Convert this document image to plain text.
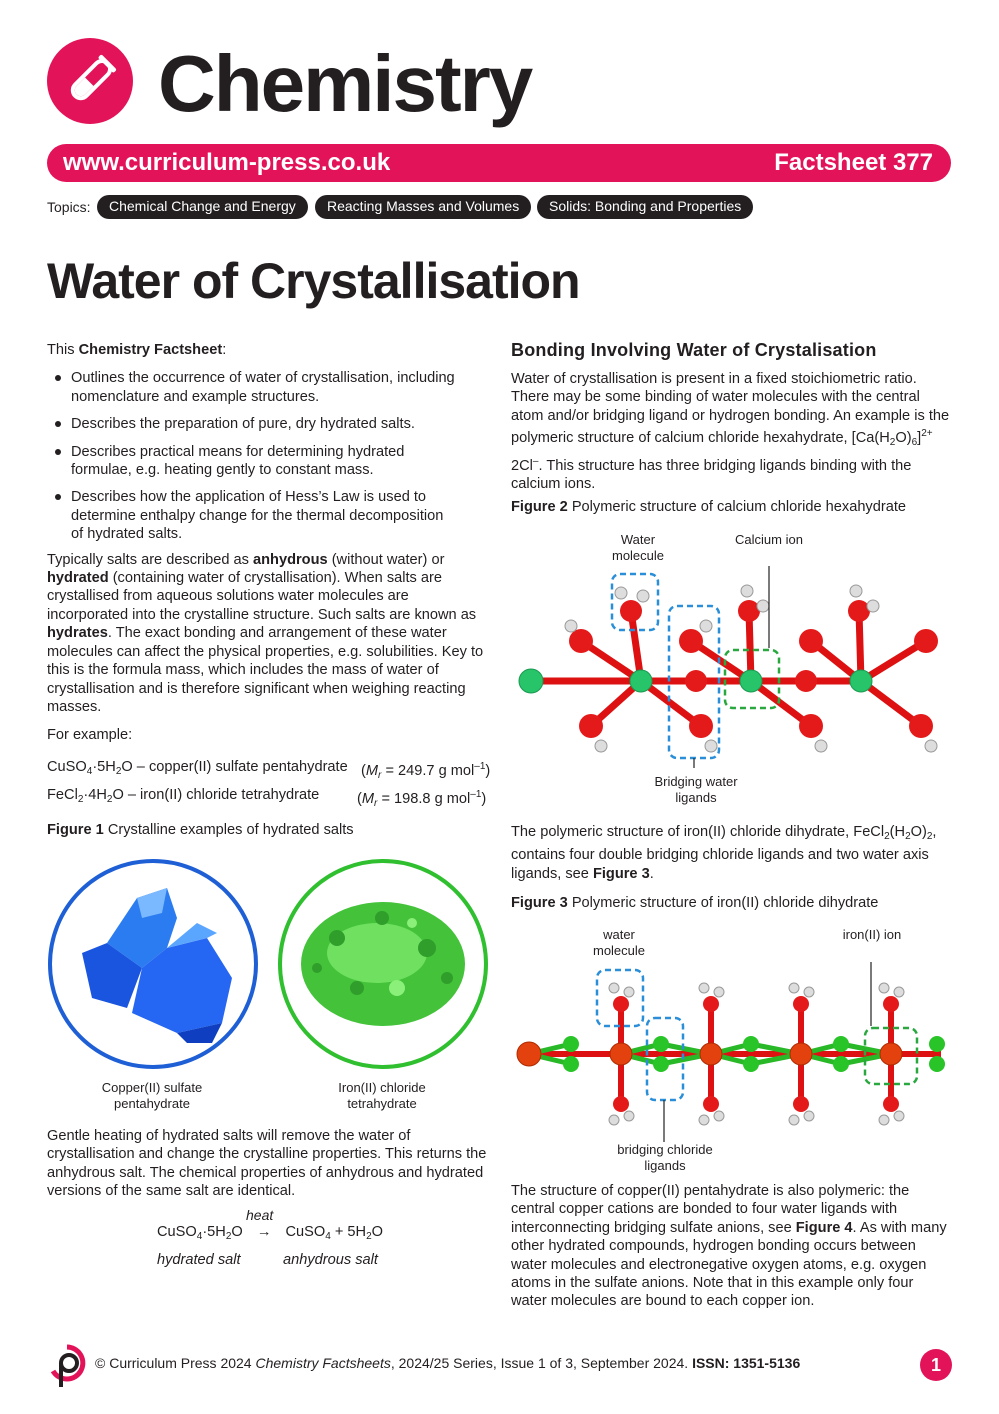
Chemistry
www.curriculum-press.co.uk	Factsheet 377
Topics:	Chemical Change and Energy	Reacting Masses and Volumes	Solids: Bonding and Properties
Water of Crystallisation

This Chemistry Factsheet:

Outlines the occurrence of water of crystallisation, including nomenclature and example structures.
Describes the preparation of pure, dry hydrated salts.
Describes practical means for determining hydrated formulae, e.g. heating gently to constant mass.
Describes how the application of Hess’s Law is used to determine enthalpy change for the thermal decomposition of hydrated salts.

Typically salts are described as anhydrous (without water) or hydrated (containing water of crystallisation). When salts are crystallised from aqueous solutions water molecules are incorporated into the crystalline structure. Such salts are known as hydrates. The exact bonding and arrangement of these water molecules can affect the physical properties, e.g. solubilities. Key to this is the formula mass, which includes the mass of water of crystallisation and is therefore significant when weighing reacting masses.

For example:

$CuSO_4\cdot 5H_2O$ – copper(II) sulfate pentahydrate ($M_r = 249.7$ g mol$^{-1}$)
$FeCl_2\cdot 4H_2O$ – iron(II) chloride tetrahydrate	($M_r = 198.8$ g mol$^{-1}$)
Figure 1 Crystalline examples of hydrated salts
Copper(II) sulfate pentahydrate
Iron(II) chloride tetrahydrate
Gentle heating of hydrated salts will remove the water of crystallisation and change the crystalline properties. This returns the anhydrous salt. The chemical properties of anhydrous and hydrated versions of the same salt are identical.
heat
$CuSO_4\cdot 5H_2O$ → CuSO$_4$ + $5H_2O$
hydrated salt	anhydrous salt
Bonding Involving Water of Crystalisation
Water of crystallisation is present in a fixed stoichiometric ratio. There may be some binding of water molecules with the central atom and/or bridging ligand or hydrogen bonding. An example is the polymeric structure of calcium chloride hexahydrate, $[Ca(H_2O)_6]^{2+}$ 2Cl–. This structure has three bridging ligands binding with the calcium ions.
Figure 2 Polymeric structure of calcium chloride hexahydrate
Water molecule
Calcium ion
Bridging water ligands
The polymeric structure of iron(II) chloride dihydrate, $FeCl_2(H_2O)_2$, contains four double bridging chloride ligands and two water axis ligands, see Figure 3.
Figure 3 Polymeric structure of iron(II) chloride dihydrate
water molecule
iron(II) ion
bridging chloride ligands
The structure of copper(II) pentahydrate is also polymeric: the central copper cations are bonded to four water ligands with interconnecting bridging sulfate anions, see Figure 4. As with many other hydrated compounds, hydrogen bonding occurs between water molecules and electronegative oxygen atoms, e.g. oxygen atoms in the sulfate anions. Note that in this example only four water molecules are bound to each copper ion.
© Curriculum Press 2024 Chemistry Factsheets, 2024/25 Series, Issue 1 of 3, September 2024. ISSN: 1351-5136	1
